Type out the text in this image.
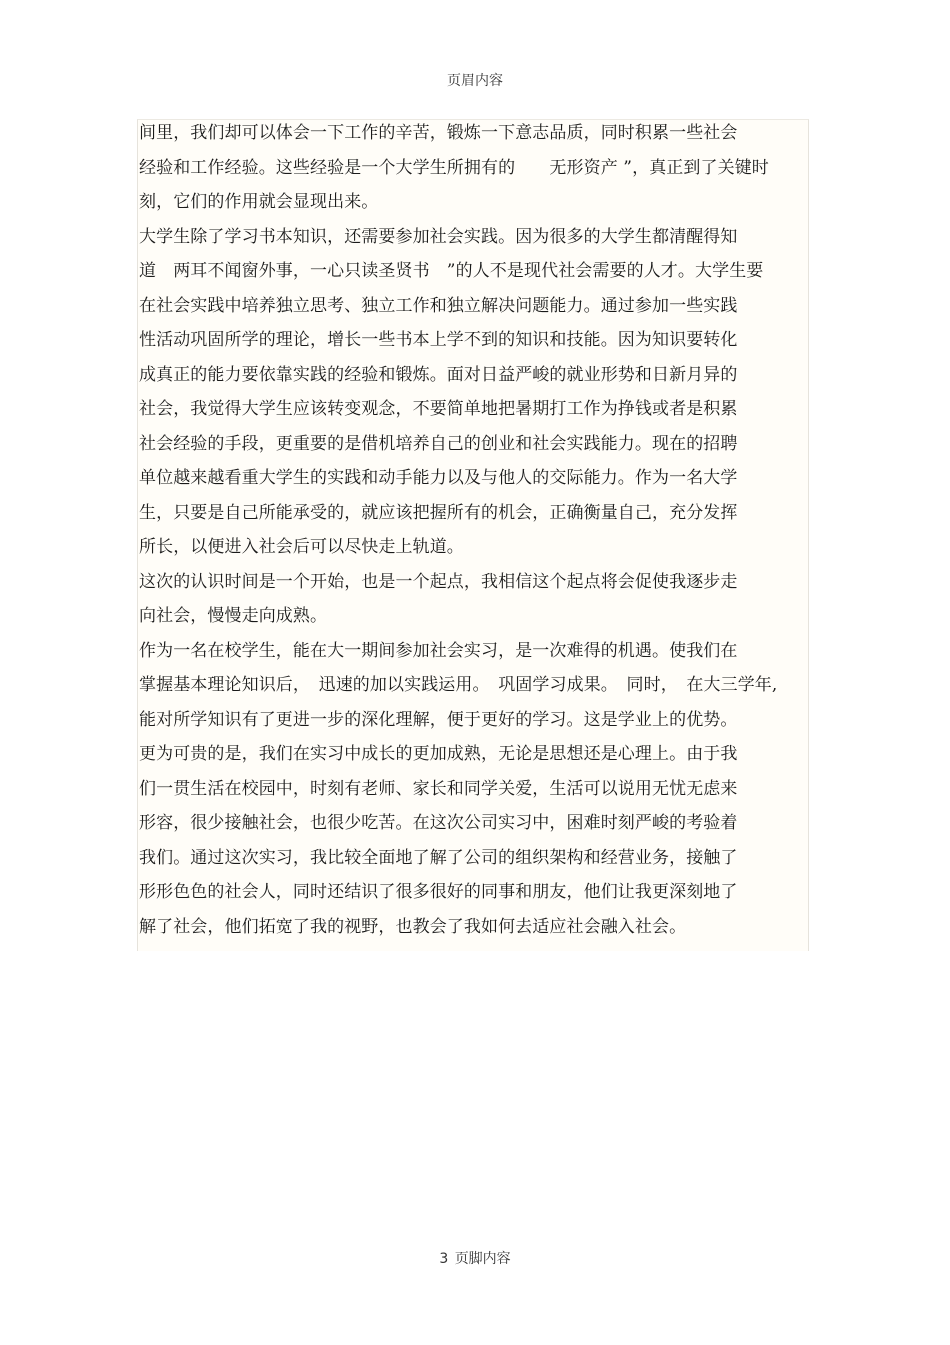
页眉内容
间里，我们却可以体会一下工作的辛苦，锻炼一下意志品质，同时积累一些社会
经验和工作经验。这些经验是一个大学生所拥有的　　无形资产 ”，真正到了关键时
刻，它们的作用就会显现出来。
大学生除了学习书本知识，还需要参加社会实践。因为很多的大学生都清醒得知
道　两耳不闻窗外事，一心只读圣贤书　”的人不是现代社会需要的人才。大学生要
在社会实践中培养独立思考、独立工作和独立解决问题能力。通过参加一些实践
性活动巩固所学的理论，增长一些书本上学不到的知识和技能。因为知识要转化
成真正的能力要依靠实践的经验和锻炼。面对日益严峻的就业形势和日新月异的
社会，我觉得大学生应该转变观念，不要简单地把暑期打工作为挣钱或者是积累
社会经验的手段，更重要的是借机培养自己的创业和社会实践能力。现在的招聘
单位越来越看重大学生的实践和动手能力以及与他人的交际能力。作为一名大学
生，只要是自己所能承受的，就应该把握所有的机会，正确衡量自己，充分发挥
所长，以便进入社会后可以尽快走上轨道。
这次的认识时间是一个开始，也是一个起点，我相信这个起点将会促使我逐步走
向社会，慢慢走向成熟。
作为一名在校学生，能在大一期间参加社会实习，是一次难得的机遇。使我们在
掌握基本理论知识后，　迅速的加以实践运用。　巩固学习成果。　同时，　在大三学年,
能对所学知识有了更进一步的深化理解，便于更好的学习。这是学业上的优势。
更为可贵的是，我们在实习中成长的更加成熟，无论是思想还是心理上。由于我
们一贯生活在校园中，时刻有老师、家长和同学关爱，生活可以说用无忧无虑来
形容，很少接触社会，也很少吃苦。在这次公司实习中，困难时刻严峻的考验着
我们。通过这次实习，我比较全面地了解了公司的组织架构和经营业务，接触了
形形色色的社会人，同时还结识了很多很好的同事和朋友，他们让我更深刻地了
解了社会，他们拓宽了我的视野，也教会了我如何去适应社会融入社会。
3 页脚内容
